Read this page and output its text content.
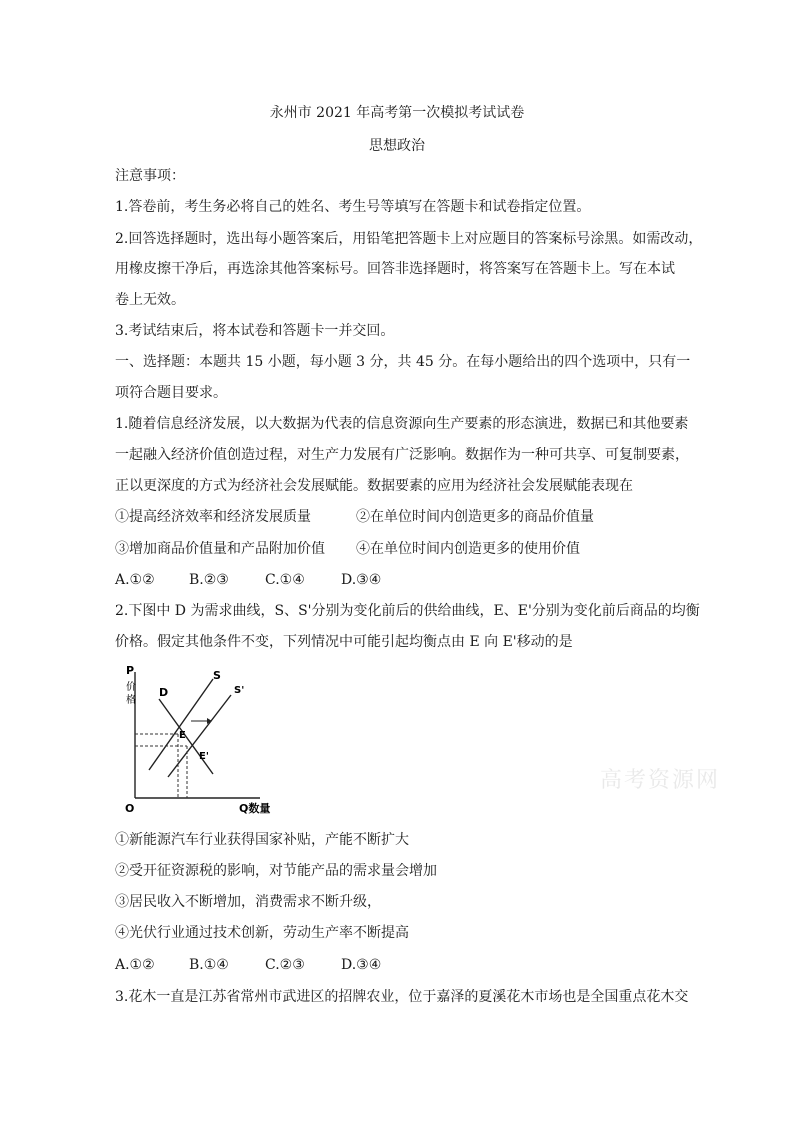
永州市 2021 年高考第一次模拟考试试卷
思想政治
注意事项：
1.答卷前，考生务必将自己的姓名、考生号等填写在答题卡和试卷指定位置。
2.回答选择题时，选出每小题答案后，用铅笔把答题卡上对应题目的答案标号涂黑。如需改动，
用橡皮擦干净后，再选涂其他答案标号。回答非选择题时，将答案写在答题卡上。写在本试
卷上无效。
3.考试结束后，将本试卷和答题卡一并交回。
一、选择题：本题共 15 小题，每小题 3 分，共 45 分。在每小题给出的四个选项中，只有一
项符合题目要求。
1.随着信息经济发展，以大数据为代表的信息资源向生产要素的形态演进，数据已和其他要素
一起融入经济价值创造过程，对生产力发展有广泛影响。数据作为一种可共享、可复制要素，
正以更深度的方式为经济社会发展赋能。数据要素的应用为经济社会发展赋能表现在
①提高经济效率和经济发展质量	②在单位时间内创造更多的商品价值量
③增加商品价值量和产品附加价值 ④在单位时间内创造更多的使用价值
A.①② B.②③	C.①④	D.③④
2.下图中 D 为需求曲线，S、S'分别为变化前后的供给曲线，E、E'分别为变化前后商品的均衡
价格。假定其他条件不变，下列情况中可能引起均衡点由 E 向 E'移动的是
P
价
格
O	Q数量
D
S
S'
E
E'
高考资源网
①新能源汽车行业获得国家补贴，产能不断扩大
②受开征资源税的影响，对节能产品的需求量会增加
③居民收入不断增加，消费需求不断升级，
④光伏行业通过技术创新，劳动生产率不断提高
A.①② B.①④	C.②③	D.③④
3.花木一直是江苏省常州市武进区的招牌农业，位于嘉泽的夏溪花木市场也是全国重点花木交
